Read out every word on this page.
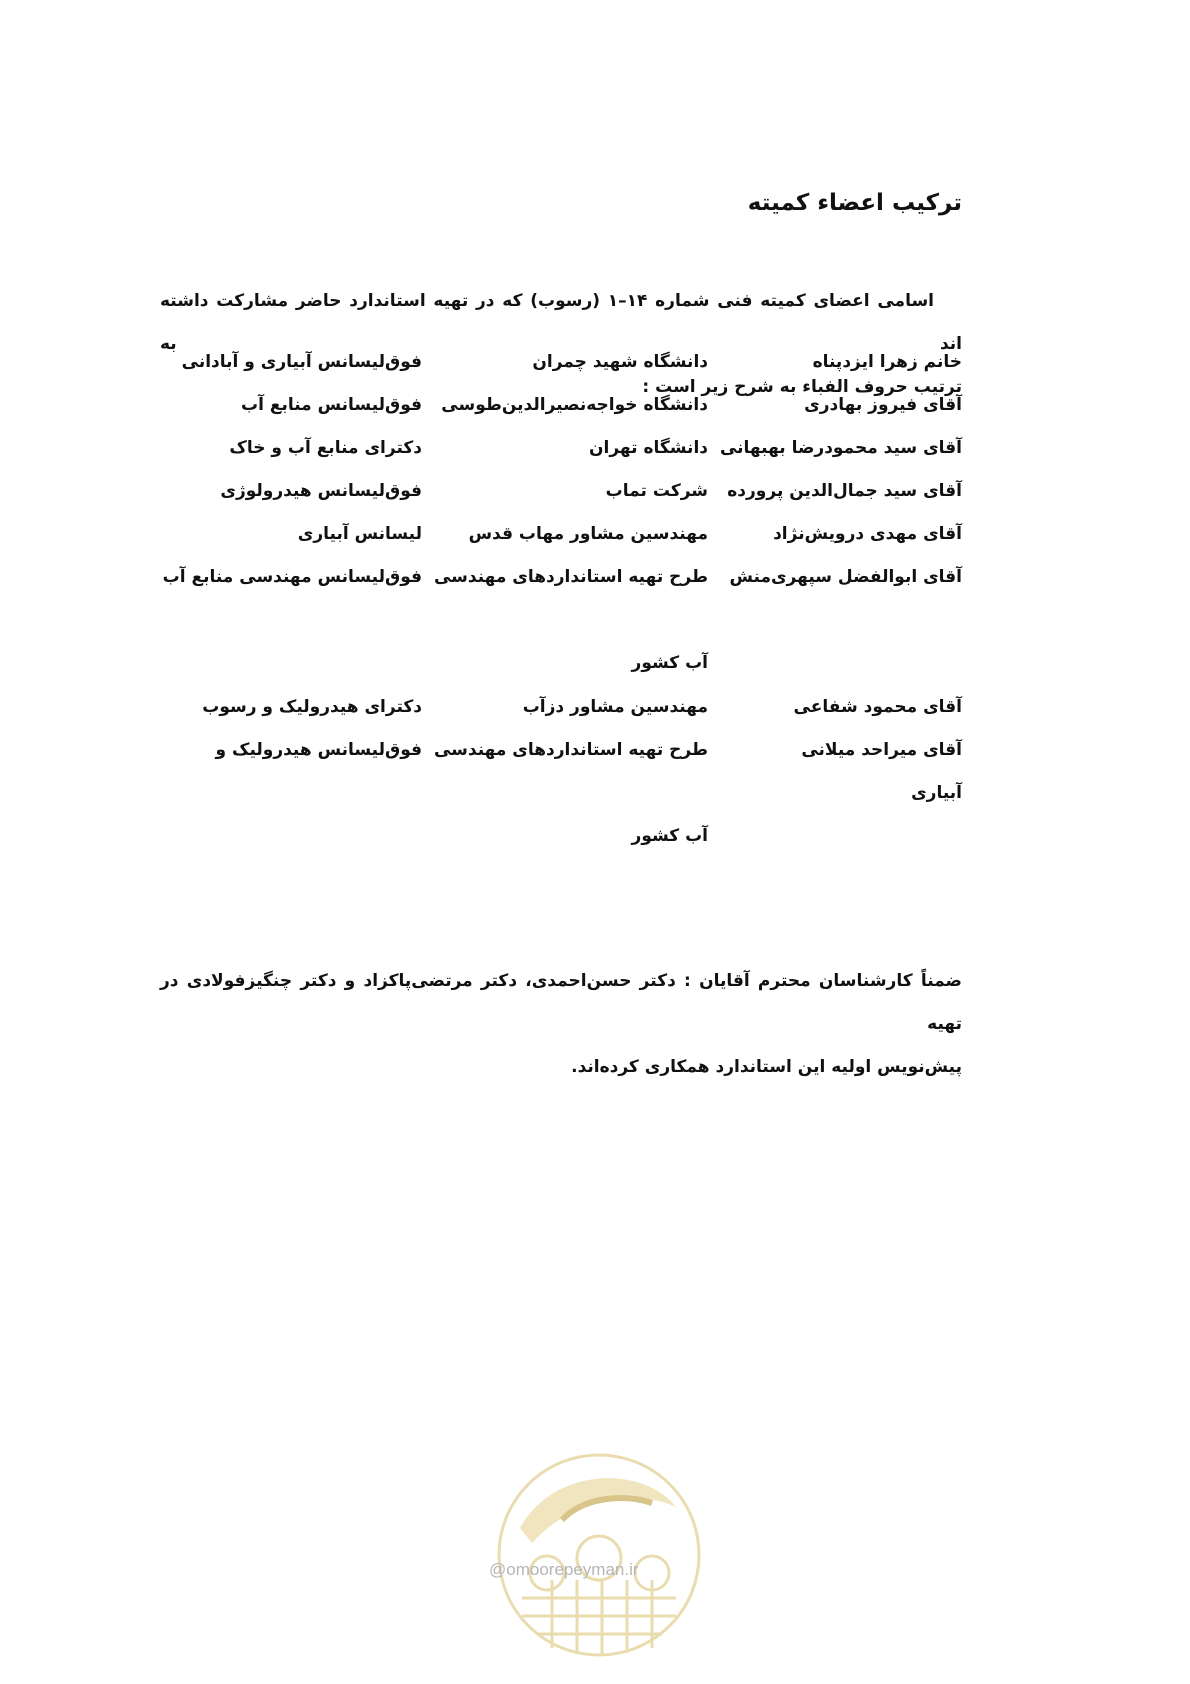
ترکیب اعضاء کمیته
اسامی اعضای کمیته فنی شماره ۱۴–۱ (رسوب) که در تهیه استاندارد حاضر مشارکت داشته اند به
ترتیب حروف الفباء به شرح زیر است :
خانم زهرا ایزدپناه
دانشگاه شهید چمران
فوق‌لیسانس آبیاری و آبادانی
آقای فیروز بهادری
دانشگاه خواجه‌نصیرالدین‌طوسی
فوق‌لیسانس منابع آب
آقای سید محمودرضا بهبهانی
دانشگاه تهران
دکترای منابع آب و خاک
آقای سید جمال‌الدین پرورده
شرکت تماب
فوق‌لیسانس هیدرولوژی
آقای مهدی درویش‌نژاد
مهندسین مشاور مهاب قدس
لیسانس آبیاری
آقای ابوالفضل سپهری‌منش
طرح تهیه استانداردهای مهندسی
فوق‌لیسانس مهندسی منابع آب
آب کشور
آقای محمود شفاعی
مهندسین مشاور دزآب
دکترای هیدرولیک و رسوب
آقای میراحد میلانی
طرح تهیه استانداردهای مهندسی
فوق‌لیسانس هیدرولیک و
آبیاری
آب کشور
ضمناً کارشناسان محترم آقایان : دکتر حسن‌احمدی، دکتر مرتضی‌پاکزاد و دکتر چنگیزفولادی در تهیه
پیش‌نویس اولیه این استاندارد همکاری کرده‌اند.
@omoorepeyman.ir
